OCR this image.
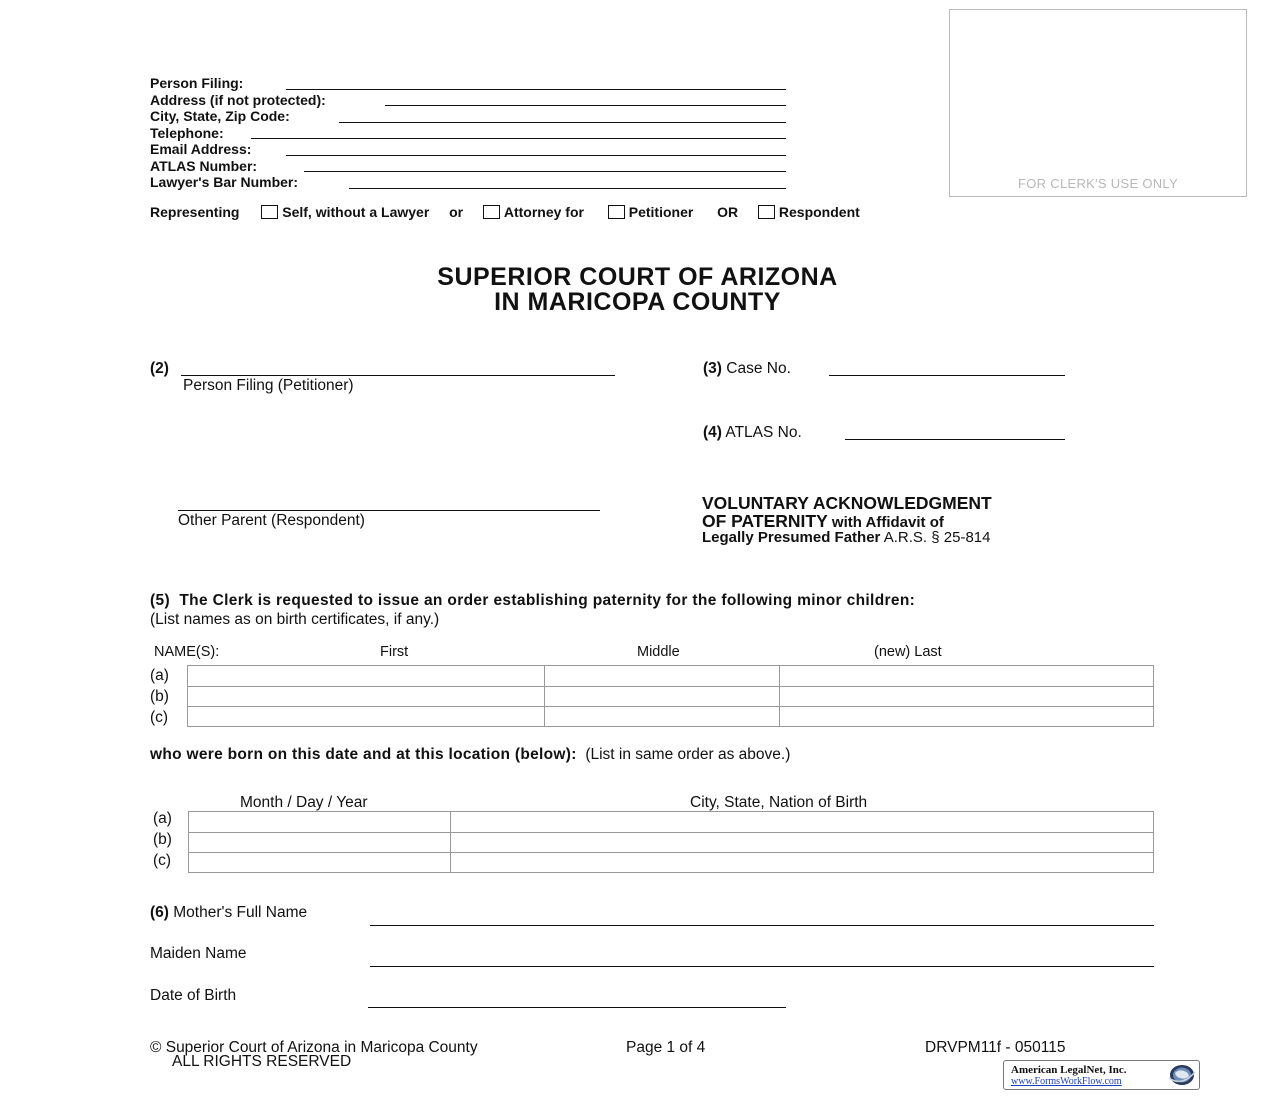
Person Filing:
Address (if not protected):
City, State, Zip Code:
Telephone:
Email Address:
ATLAS Number:
Lawyer's Bar Number:	FOR CLERK'S USE ONLY
Representing	Self, without a Lawyer or	Attorney for	Petitioner OR	Respondent
SUPERIOR COURT OF ARIZONA
IN MARICOPA COUNTY
(2)
Person Filing (Petitioner)
Other Parent (Respondent)
(3) Case No.
(4) ATLAS No.
VOLUNTARY ACKNOWLEDGMENT
OF PATERNITY with Affidavit of
Legally Presumed Father A.R.S. § 25-814
(5) The Clerk is requested to issue an order establishing paternity for the following minor children:
(List names as on birth certificates, if any.)
NAME(S):	First	Middle	(new) Last
(a)
(b)
(c)

who were born on this date and at this location (below): (List in same order as above.)
Month / Day / Year	City, State, Nation of Birth
(a)
(b)
(c)

(6) Mother's Full Name
Maiden Name
Date of Birth
© Superior Court of Arizona in Maricopa County
ALL RIGHTS RESERVED
Page 1 of 4	DRVPM11f - 050115
American LegalNet, Inc.
www.FormsWorkFlow.com
